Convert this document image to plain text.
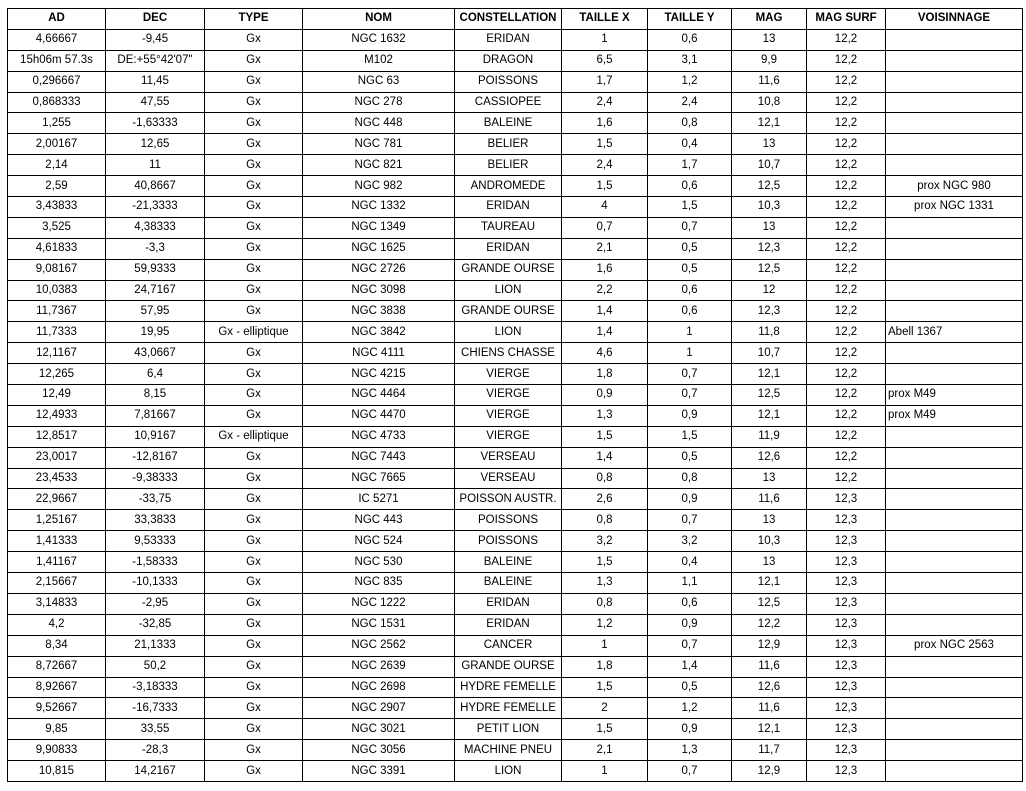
AD	DEC	TYPE	NOM	CONSTELLATION	TAILLE X	TAILLE Y	MAG	MAG SURF	VOISINNAGE
4,66667	-9,45	Gx	NGC 1632	ERIDAN	1	0,6	13	12,2	
15h06m 57.3s	DE:+55°42'07"	Gx	M102	DRAGON	6,5	3,1	9,9	12,2	
0,296667	11,45	Gx	NGC 63	POISSONS	1,7	1,2	11,6	12,2	
0,868333	47,55	Gx	NGC 278	CASSIOPEE	2,4	2,4	10,8	12,2	
1,255	-1,63333	Gx	NGC 448	BALEINE	1,6	0,8	12,1	12,2	
2,00167	12,65	Gx	NGC 781	BELIER	1,5	0,4	13	12,2	
2,14	11	Gx	NGC 821	BELIER	2,4	1,7	10,7	12,2	
2,59	40,8667	Gx	NGC 982	ANDROMEDE	1,5	0,6	12,5	12,2	prox NGC 980
3,43833	-21,3333	Gx	NGC 1332	ERIDAN	4	1,5	10,3	12,2	prox NGC 1331
3,525	4,38333	Gx	NGC 1349	TAUREAU	0,7	0,7	13	12,2	
4,61833	-3,3	Gx	NGC 1625	ERIDAN	2,1	0,5	12,3	12,2	
9,08167	59,9333	Gx	NGC 2726	GRANDE OURSE	1,6	0,5	12,5	12,2	
10,0383	24,7167	Gx	NGC 3098	LION	2,2	0,6	12	12,2	
11,7367	57,95	Gx	NGC 3838	GRANDE OURSE	1,4	0,6	12,3	12,2	
11,7333	19,95	Gx - elliptique	NGC 3842	LION	1,4	1	11,8	12,2	Abell 1367
12,1167	43,0667	Gx	NGC 4111	CHIENS CHASSE	4,6	1	10,7	12,2	
12,265	6,4	Gx	NGC 4215	VIERGE	1,8	0,7	12,1	12,2	
12,49	8,15	Gx	NGC 4464	VIERGE	0,9	0,7	12,5	12,2	prox M49
12,4933	7,81667	Gx	NGC 4470	VIERGE	1,3	0,9	12,1	12,2	prox M49
12,8517	10,9167	Gx - elliptique	NGC 4733	VIERGE	1,5	1,5	11,9	12,2	
23,0017	-12,8167	Gx	NGC 7443	VERSEAU	1,4	0,5	12,6	12,2	
23,4533	-9,38333	Gx	NGC 7665	VERSEAU	0,8	0,8	13	12,2	
22,9667	-33,75	Gx	IC 5271	POISSON AUSTR.	2,6	0,9	11,6	12,3	
1,25167	33,3833	Gx	NGC 443	POISSONS	0,8	0,7	13	12,3	
1,41333	9,53333	Gx	NGC 524	POISSONS	3,2	3,2	10,3	12,3	
1,41167	-1,58333	Gx	NGC 530	BALEINE	1,5	0,4	13	12,3	
2,15667	-10,1333	Gx	NGC 835	BALEINE	1,3	1,1	12,1	12,3	
3,14833	-2,95	Gx	NGC 1222	ERIDAN	0,8	0,6	12,5	12,3	
4,2	-32,85	Gx	NGC 1531	ERIDAN	1,2	0,9	12,2	12,3	
8,34	21,1333	Gx	NGC 2562	CANCER	1	0,7	12,9	12,3	prox NGC 2563
8,72667	50,2	Gx	NGC 2639	GRANDE OURSE	1,8	1,4	11,6	12,3	
8,92667	-3,18333	Gx	NGC 2698	HYDRE FEMELLE	1,5	0,5	12,6	12,3	
9,52667	-16,7333	Gx	NGC 2907	HYDRE FEMELLE	2	1,2	11,6	12,3	
9,85	33,55	Gx	NGC 3021	PETIT LION	1,5	0,9	12,1	12,3	
9,90833	-28,3	Gx	NGC 3056	MACHINE PNEU	2,1	1,3	11,7	12,3	
10,815	14,2167	Gx	NGC 3391	LION	1	0,7	12,9	12,3	
